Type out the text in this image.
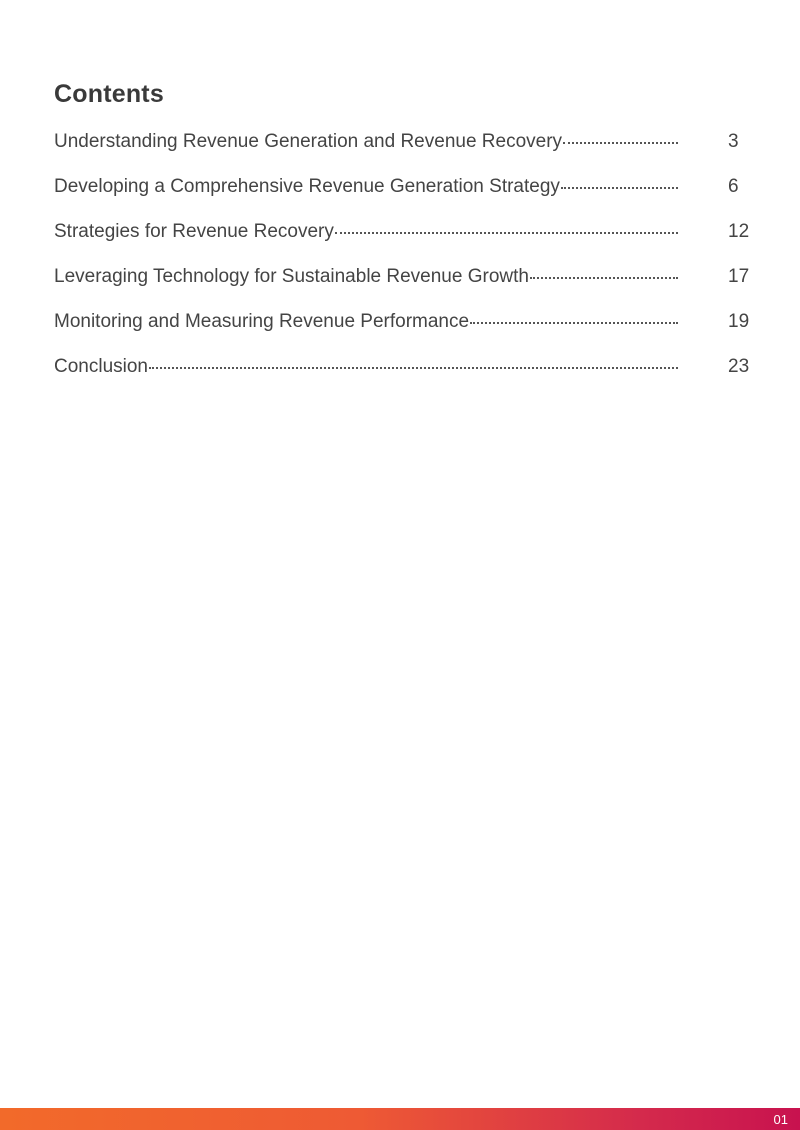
Contents
Understanding Revenue Generation and Revenue Recovery	3
Developing a Comprehensive Revenue Generation Strategy	6
Strategies for Revenue Recovery	12
Leveraging Technology for Sustainable Revenue Growth	17
Monitoring and Measuring Revenue Performance	19
Conclusion	23
01
